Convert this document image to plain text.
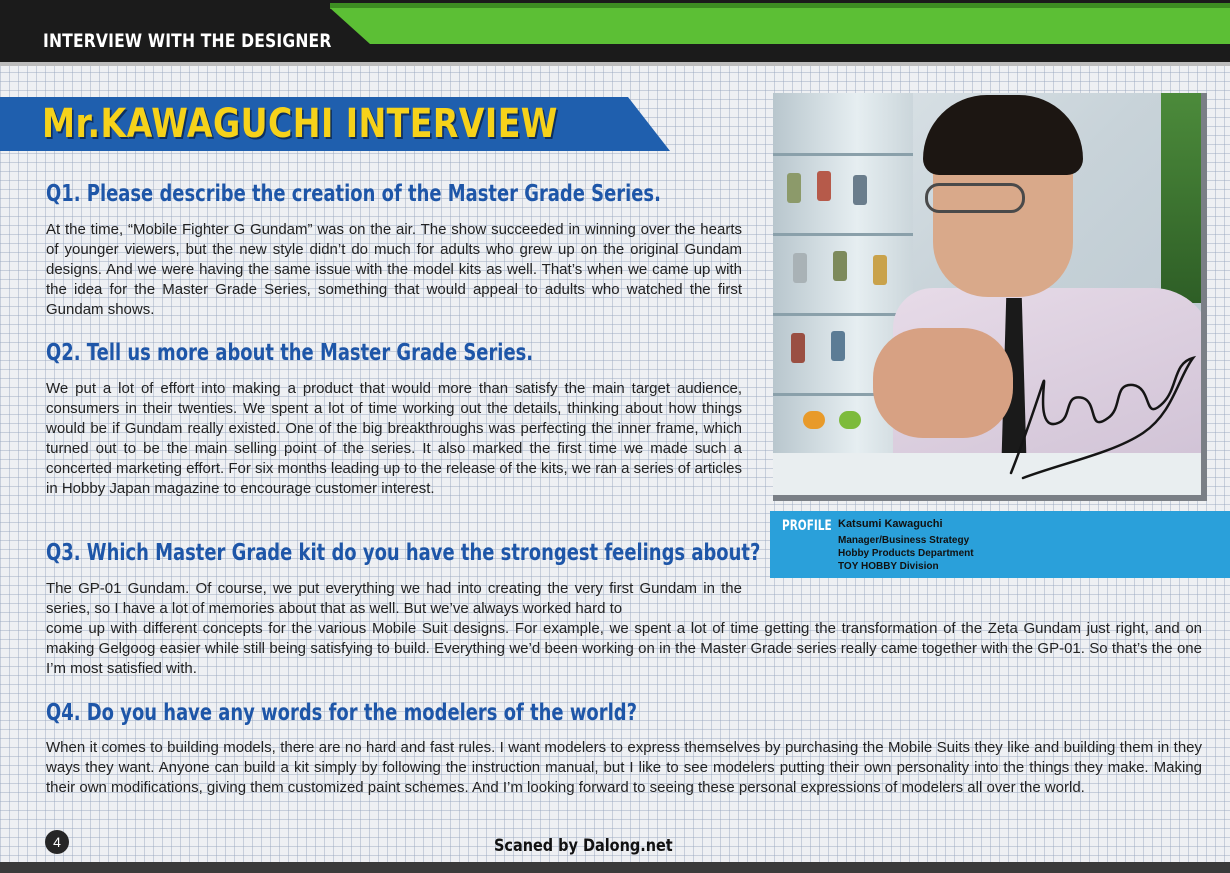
INTERVIEW WITH THE DESIGNER
Mr.KAWAGUCHI INTERVIEW
Q1. Please describe the creation of the Master Grade Series.
At the time, “Mobile Fighter G Gundam” was on the air. The show succeeded in winning over the hearts of younger viewers, but the new style didn’t do much for adults who grew up on the original Gundam designs. And we were having the same issue with the model kits as well. That’s when we came up with the idea for the Master Grade Series, something that would appeal to adults who watched the first Gundam shows.
Q2. Tell us more about the Master Grade Series.
We put a lot of effort into making a product that would more than satisfy the main target audience, consumers in their twenties. We spent a lot of time working out the details, thinking about how things would be if Gundam really existed. One of the big breakthroughs was perfecting the inner frame, which turned out to be the main selling point of the series. It also marked the first time we made such a concerted marketing effort. For six months leading up to the release of the kits, we ran a series of articles in Hobby Japan magazine to encourage customer interest.
Q3. Which Master Grade kit do you have the strongest feelings about?
The GP-01 Gundam. Of course, we put everything we had into creating the very first Gundam in the series, so I have a lot of memories about that as well. But we’ve always worked hard to
come up with different concepts for the various Mobile Suit designs. For example, we spent a lot of time getting the transformation of the Zeta Gundam just right, and on making Gelgoog easier while still being satisfying to build. Everything we’d been working on in the Master Grade series really came together with the GP-01. So that’s the one I’m most satisfied with.
Q4. Do you have any words for the modelers of the world?
When it comes to building models, there are no hard and fast rules. I want modelers to express themselves by purchasing the Mobile Suits they like and building them in they ways they want. Anyone can build a kit simply by following the instruction manual, but I like to see modelers putting their own personality into the things they make. Making their own modifications, giving them customized paint schemes. And I’m looking forward to seeing these personal expressions of modelers all over the world.
PROFILE Katsumi Kawaguchi
Manager/Business Strategy
Hobby Products Department
TOY HOBBY Division
4	Scaned by Dalong.net
